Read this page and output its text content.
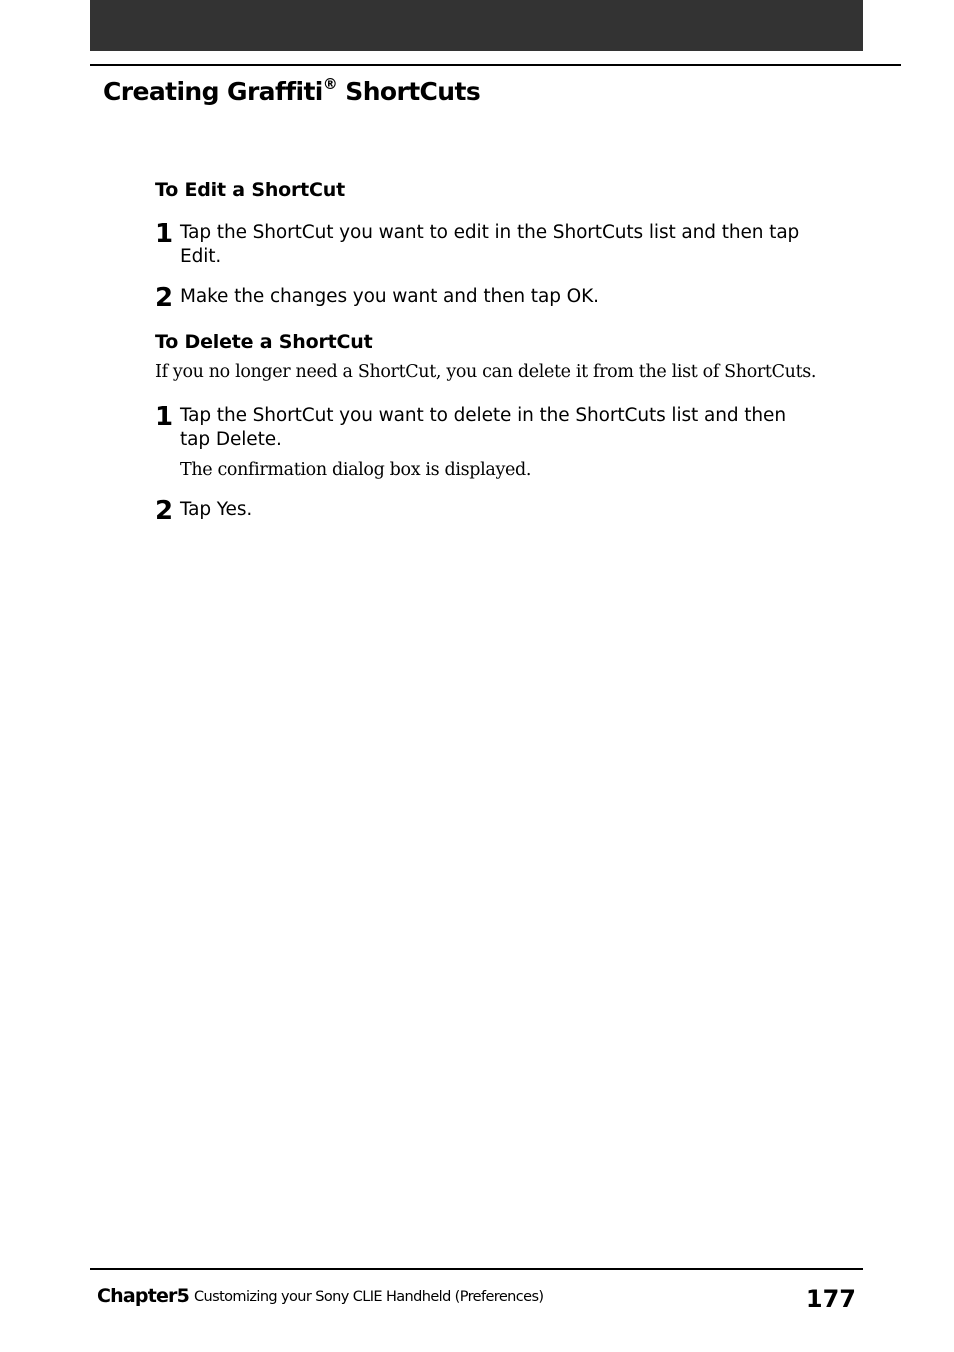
Creating Graffiti® ShortCuts
To Edit a ShortCut
1 Tap the ShortCut you want to edit in the ShortCuts list and then tap Edit.
2 Make the changes you want and then tap OK.
To Delete a ShortCut

If you no longer need a ShortCut, you can delete it from the list of ShortCuts.

1 Tap the ShortCut you want to delete in the ShortCuts list and then tap Delete.

The confirmation dialog box is displayed.

2 Tap Yes.
Chapter5 Customizing your Sony CLIE Handheld (Preferences)	177
